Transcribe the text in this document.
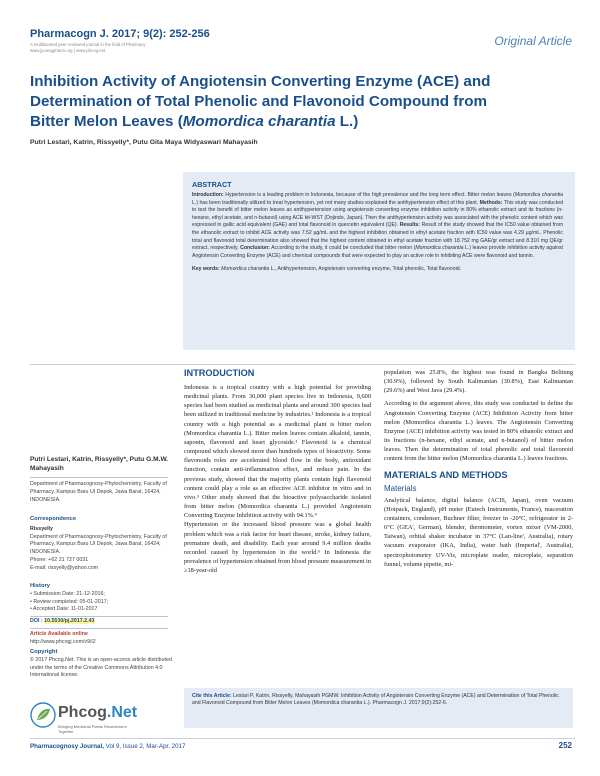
Pharmacogn J. 2017; 9(2): 252-256
A multifaceted peer reviewed journal in the field of Pharmacy
www.jyoungpharm.org | www.phcog.net
Original Article
Inhibition Activity of Angiotensin Converting Enzyme (ACE) and
Determination of Total Phenolic and Flavonoid Compound from
Bitter Melon Leaves (Momordica charantia L.)
Putri Lestari, Katrin, Rissyelly*, Putu Gita Maya Widyaswari Mahayasih
ABSTRACT
Introduction: Hypertension is a leading problem in Indonesia, because of the high prevalence and the long term effect. Bitter melon leaves (Momordica charantia L.) has been traditionally utilized to treat hypertension, yet not many studies explained the antihypertension effect of this plant. Methods: This study was conducted to test the benefit of bitter melon leaves as antihypertension using angiotensin converting enzyme inhibition activity in 80% ethanolic extract and its fractions (n-hexane, ethyl acetate, and n-butanol) using ACE kit-WST (Dojindo, Japan). Then the antihypertension activity was associated with the phenolic content which was expressed in gallic acid equivalent (GAE) and total flavonoid in quercetin equivalent (QE). Results: Result of the study showed that the IC50 value obtained from the ethanolic extract to inhibit ACE activity was 7.52 µg/mL and the highest inhibition obtained in ethyl acetate fraction with IC50 value was 4.29 µg/mL. Phenolic total and flavonoid total determination also showed that the highest content obtained in ethyl acetate fraction with 18.752 mg GAE/gr extract and 8.310 mg QE/gr extract, respectively. Conclusion: According to the study, it could be concluded that bitter melon (Momordica charantia L.) leaves provide inhibition activity against Angiotensin Converting Enzyme (ACE) and chemical compounds that were expected to play an active role in inhibiting ACE were flavonoid and tannin.
Key words: Momordica charantia L., Antihypertension, Angiotensin converting enzyme, Total phenolic, Total flavonoid.
Putri Lestari, Katrin, Rissyelly*, Putu G.M.W. Mahayasih
Department of Pharmacognosy-Phytochemistry, Faculty of Pharmacy, Kampus Baru UI Depok, Jawa Barat, 16424, INDONESIA.
Correspondence
Rissyelly
Department of Pharmacognosy-Phytochemistry, Faculty of Pharmacy, Kampus Baru UI Depok, Jawa Barat, 16424, INDONESIA.
Phone: +62 21 727 0031
E-mail: rissyelly@yahoo.com
History
• Submission Date: 21-12-2016;
• Review completed: 05-01-2017;
• Accepted Date: 11-01-2017
DOI : 10.5530/pj.2017.2.43
Article Available online
http://www.phcogj.com/v9/i2
Copyright
© 2017 Phcog.Net. This is an open-access article distributed under the terms of the Creative Commons Attribution 4.0 International license.
Phcog.Net
Bringing Medicinal Plants Researchers Together
INTRODUCTION

Indonesia is a tropical country with a high potential for providing medicinal plants. From 30,000 plant species live in Indonesia, 9,600 species had been studied as medicinal plants and around 300 species had been utilized in traditional medicine by industries.¹ Indonesia is a tropical country with a high potential as a medicinal plant is bitter melon (Momordica charantia L.). Bitter melon leaves contain alkaloid, tannin, saponin, flavonoid and heart glycoside.² Flavonoid is a chemical compound which showed more than hundreds types of bioactivity. Some flavonoids roles are accelerated blood flow in the body, antioxidant function, contain anti-inflammation effect, and reduce pain. In the previous study, showed that the majority plants contain high flavonoid content could play a role as an effective ACE inhibitor in vitro and in vivo.³ Other study showed that the bioactive polysaccharide isolated from bitter melon (Momordica charantia L.) provided Angiotensin Converting Enzyme Inhibition activity with 94.1%.⁴

Hypertension or the increased blood pressure was a global health problem which was a risk factor for heart disease, stroke, kidney failure, premature death, and disability. Each year around 9.4 million deaths recorded caused by hypertension in the world.⁵ In Indonesia the prevalence of hypertension obtained from blood pressure measurement in ≥18-year-old

population was 25.8%, the highest was found in Bangka Belitung (30.9%), followed by South Kalimantan (30.8%), East Kalimantan (29.6%) and West Java (29.4%).

According to the argument above, this study was conducted to define the Angiotensin Converting Enzyme (ACE) Inhibition Activity from bitter melon (Momordica charantia L.) leaves. The Angiotensin Converting Enzyme (ACE) inhibition activity was tested in 80% ethanolic extract and its fractions (n-hexane, ethyl acetate, and n-butanol) of bitter melon leaves. Then the determination of total phenolic and total flavonoid content from the bitter melon (Momordica charantia L.) leaves fractions.

MATERIALS AND METHODS
Materials

Analytical balance, digital balance (ACIS, Japan), oven vacuum (Hotpack, England), pH meter (Eutech Instruments, France), maceration containers, condenser, Buchner filter, freezer in -20°C, refrigerator in 2-6°C (GEA', German), blender, thermometer, vortex mixer (VM-2000, Taiwan), orbital shaker incubator in 37°C (Lan-line', Australia), rotary vacuum evaporator (IKA, India), water bath (Imperial', Australia), spectrophotometry UV-Vis, microplate reader, microplate, separation funnel, volume pipette, mi-

Cite this Article: Lestari P, Katrin, Rissyelly, Mahayasih PGMW. Inhibition Activity of Angiotensin Converting Enzyme (ACE) and Determination of Total Phenolic and Flavonoid Compound from Bitter Melon Leaves (Momordica charantia L.). Pharmacogn J. 2017;9(2):252-6.
Pharmacognosy Journal, Vol 9, Issue 2, Mar-Apr, 2017	252
